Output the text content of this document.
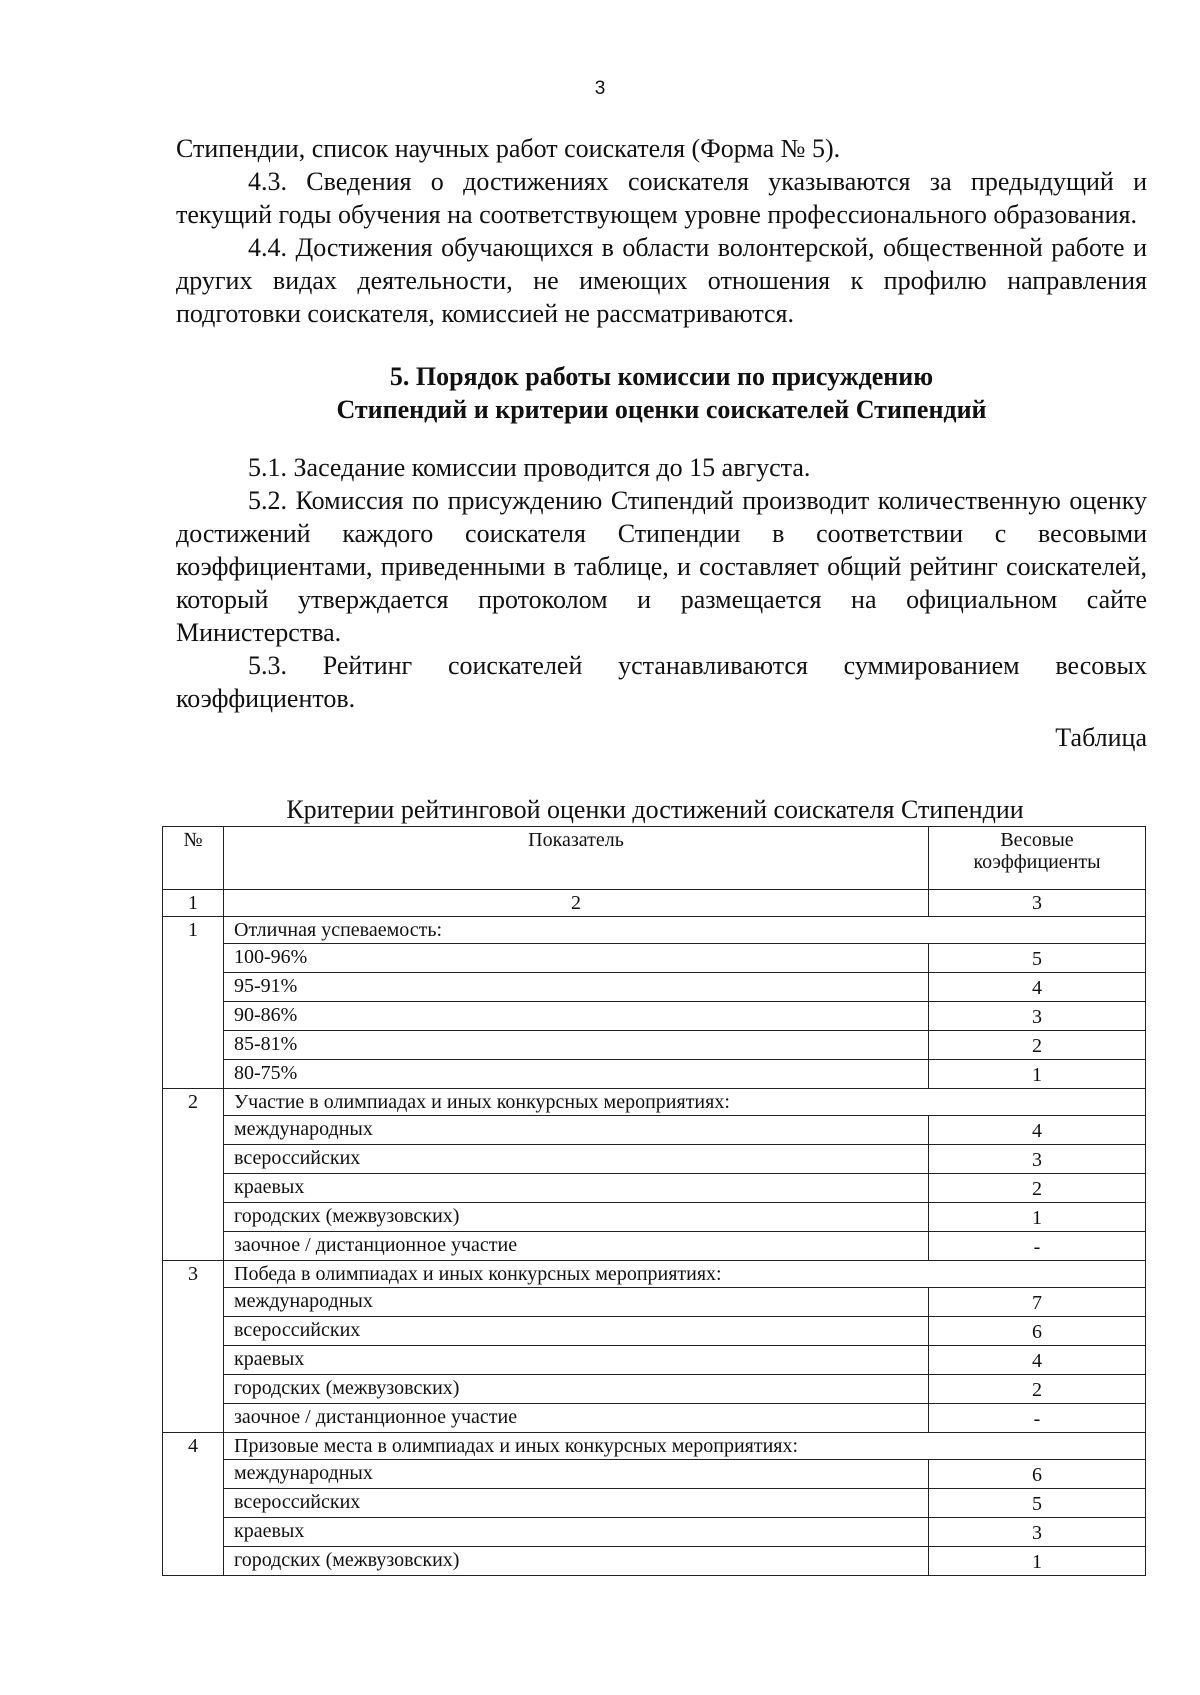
3

Стипендии, список научных работ соискателя (Форма № 5).

4.3. Сведения о достижениях соискателя указываются за предыдущий и текущий годы обучения на соответствующем уровне профессионального образования.

4.4. Достижения обучающихся в области волонтерской, общественной работе и других видах деятельности, не имеющих отношения к профилю направления подготовки соискателя, комиссией не рассматриваются.

5. Порядок работы комиссии по присуждению
Стипендий и критерии оценки соискателей Стипендий

5.1. Заседание комиссии проводится до 15 августа.

5.2. Комиссия по присуждению Стипендий производит количественную оценку достижений каждого соискателя Стипендии в соответствии с весовыми коэффициентами, приведенными в таблице, и составляет общий рейтинг соискателей, который утверждается протоколом и размещается на официальном сайте Министерства.

5.3. Рейтинг соискателей устанавливаются суммированием весовых коэффициентов.

Таблица

Критерии рейтинговой оценки достижений соискателя Стипендии
№	Показатель	Весовые коэффициенты
1	2	3
1	Отличная успеваемость:	
	100-96%	5
	95-91%	4
	90-86%	3
	85-81%	2
	80-75%	1
2	Участие в олимпиадах и иных конкурсных мероприятиях:	
	международных	4
	всероссийских	3
	краевых	2
	городских (межвузовских)	1
	заочное / дистанционное участие	-
3	Победа в олимпиадах и иных конкурсных мероприятиях:	
	международных	7
	всероссийских	6
	краевых	4
	городских (межвузовских)	2
	заочное / дистанционное участие	-
4	Призовые места в олимпиадах и иных конкурсных мероприятиях:	
	международных	6
	всероссийских	5
	краевых	3
	городских (межвузовских)	1
